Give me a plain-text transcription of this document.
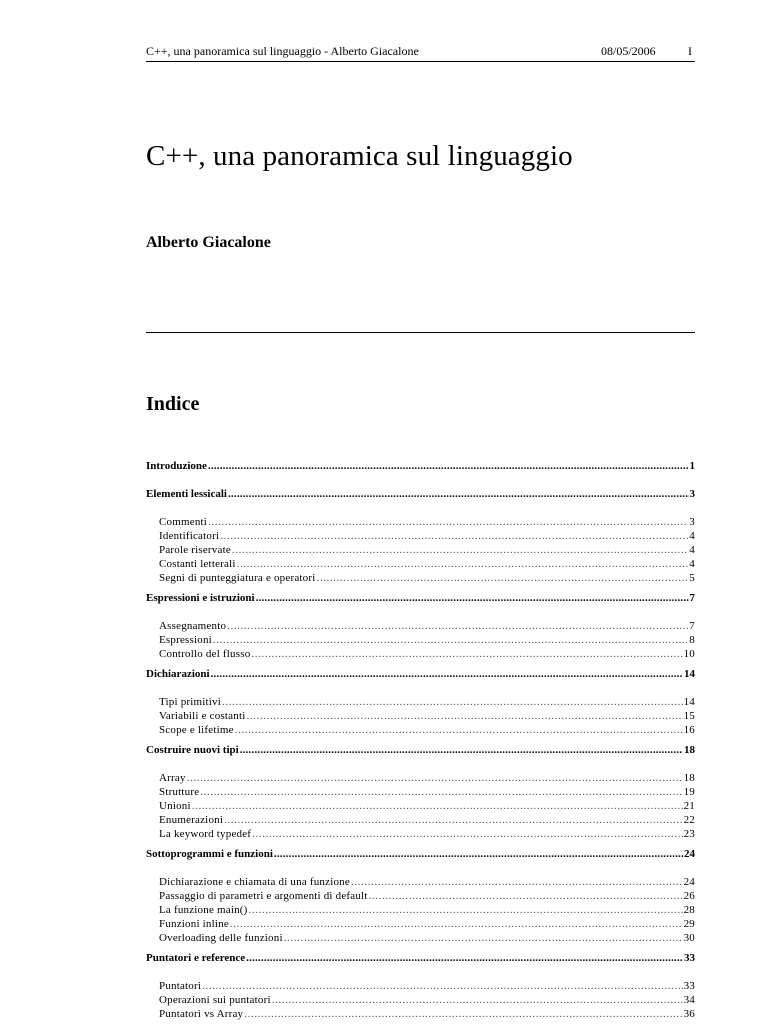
C++, una panoramica sul linguaggio - Alberto Giacalone	08/05/2006	I
C++, una panoramica sul linguaggio
Alberto Giacalone
Indice
Introduzione .....	1
Elementi lessicali .....	3
Commenti .....	3
Identificatori .....	4
Parole riservate .....	4
Costanti letterali .....	4
Segni di punteggiatura e operatori .....	5
Espressioni e istruzioni .....	7
Assegnamento .....	7
Espressioni .....	8
Controllo del flusso .....	10
Dichiarazioni .....	14
Tipi primitivi .....	14
Variabili e costanti .....	15
Scope e lifetime .....	16
Costruire nuovi tipi .....	18
Array .....	18
Strutture .....	19
Unioni .....	21
Enumerazioni .....	22
La keyword typedef .....	23
Sottoprogrammi e funzioni .....	24
Dichiarazione e chiamata di una funzione .....	24
Passaggio di parametri e argomenti di default .....	26
La funzione main() .....	28
Funzioni inline .....	29
Overloading delle funzioni .....	30
Puntatori e reference .....	33
Puntatori .....	33
Operazioni sui puntatori .....	34
Puntatori vs Array .....	36
